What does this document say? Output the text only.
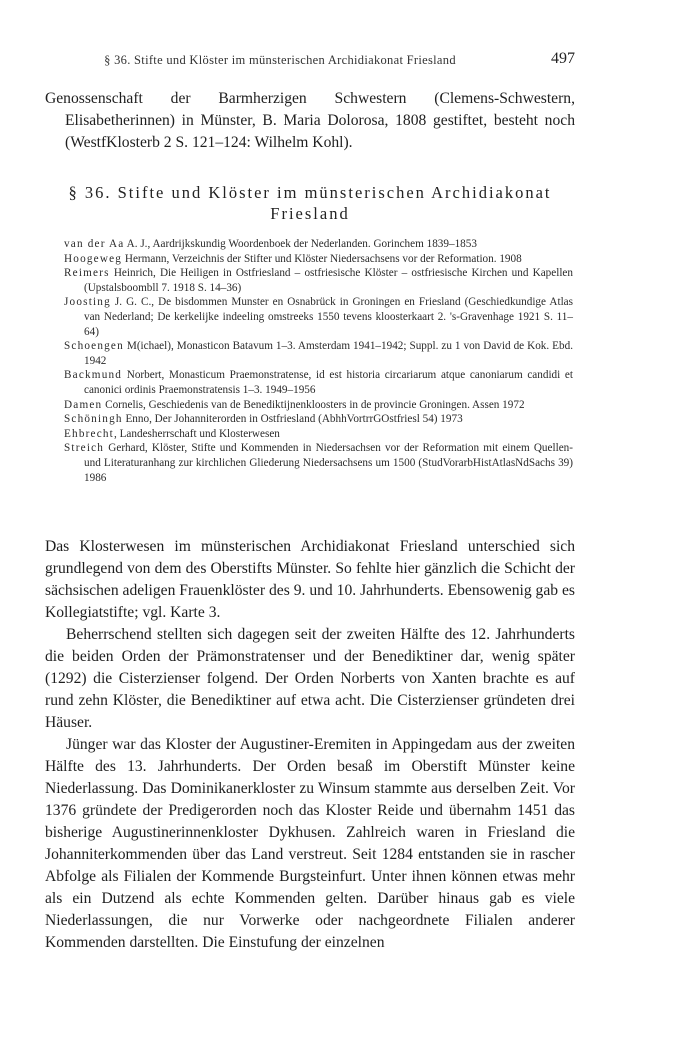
§ 36. Stifte und Klöster im münsterischen Archidiakonat Friesland	497

Genossenschaft der Barmherzigen Schwestern (Clemens-Schwestern, Elisabetherinnen) in Münster, B. Maria Dolorosa, 1808 gestiftet, besteht noch (WestfKlosterb 2 S. 121–124: Wilhelm Kohl).

§ 36. Stifte und Klöster im münsterischen Archidiakonat Friesland

van der Aa A. J., Aardrijkskundig Woordenboek der Nederlanden. Gorinchem 1839–1853

Hoogeweg Hermann, Verzeichnis der Stifter und Klöster Niedersachsens vor der Reformation. 1908

Reimers Heinrich, Die Heiligen in Ostfriesland – ostfriesische Klöster – ostfriesische Kirchen und Kapellen (Upstalsboombll 7. 1918 S. 14–36)

Joosting J. G. C., De bisdommen Munster en Osnabrück in Groningen en Friesland (Geschiedkundige Atlas van Nederland; De kerkelijke indeeling omstreeks 1550 tevens kloosterkaart 2. 's-Gravenhage 1921 S. 11–64)

Schoengen M(ichael), Monasticon Batavum 1–3. Amsterdam 1941–1942; Suppl. zu 1 von David de Kok. Ebd. 1942

Backmund Norbert, Monasticum Praemonstratense, id est historia circariarum atque canoniarum candidi et canonici ordinis Praemonstratensis 1–3. 1949–1956

Damen Cornelis, Geschiedenis van de Benediktijnenkloosters in de provincie Groningen. Assen 1972

Schöningh Enno, Der Johanniterorden in Ostfriesland (AbhhVortrrGOstfriesl 54) 1973

Ehbrecht, Landesherrschaft und Klosterwesen

Streich Gerhard, Klöster, Stifte und Kommenden in Niedersachsen vor der Reformation mit einem Quellen- und Literaturanhang zur kirchlichen Gliederung Niedersachsens um 1500 (StudVorarbHistAtlasNdSachs 39) 1986

Das Klosterwesen im münsterischen Archidiakonat Friesland unterschied sich grundlegend von dem des Oberstifts Münster. So fehlte hier gänzlich die Schicht der sächsischen adeligen Frauenklöster des 9. und 10. Jahrhunderts. Ebensowenig gab es Kollegiatstifte; vgl. Karte 3.

Beherrschend stellten sich dagegen seit der zweiten Hälfte des 12. Jahrhunderts die beiden Orden der Prämonstratenser und der Benediktiner dar, wenig später (1292) die Cisterzienser folgend. Der Orden Norberts von Xanten brachte es auf rund zehn Klöster, die Benediktiner auf etwa acht. Die Cisterzienser gründeten drei Häuser.

Jünger war das Kloster der Augustiner-Eremiten in Appingedam aus der zweiten Hälfte des 13. Jahrhunderts. Der Orden besaß im Oberstift Münster keine Niederlassung. Das Dominikanerkloster zu Winsum stammte aus derselben Zeit. Vor 1376 gründete der Predigerorden noch das Kloster Reide und übernahm 1451 das bisherige Augustinerinnenkloster Dykhusen. Zahlreich waren in Friesland die Johanniterkommenden über das Land verstreut. Seit 1284 entstanden sie in rascher Abfolge als Filialen der Kommende Burgsteinfurt. Unter ihnen können etwas mehr als ein Dutzend als echte Kommenden gelten. Darüber hinaus gab es viele Niederlassungen, die nur Vorwerke oder nachgeordnete Filialen anderer Kommenden darstellten. Die Einstufung der einzelnen
